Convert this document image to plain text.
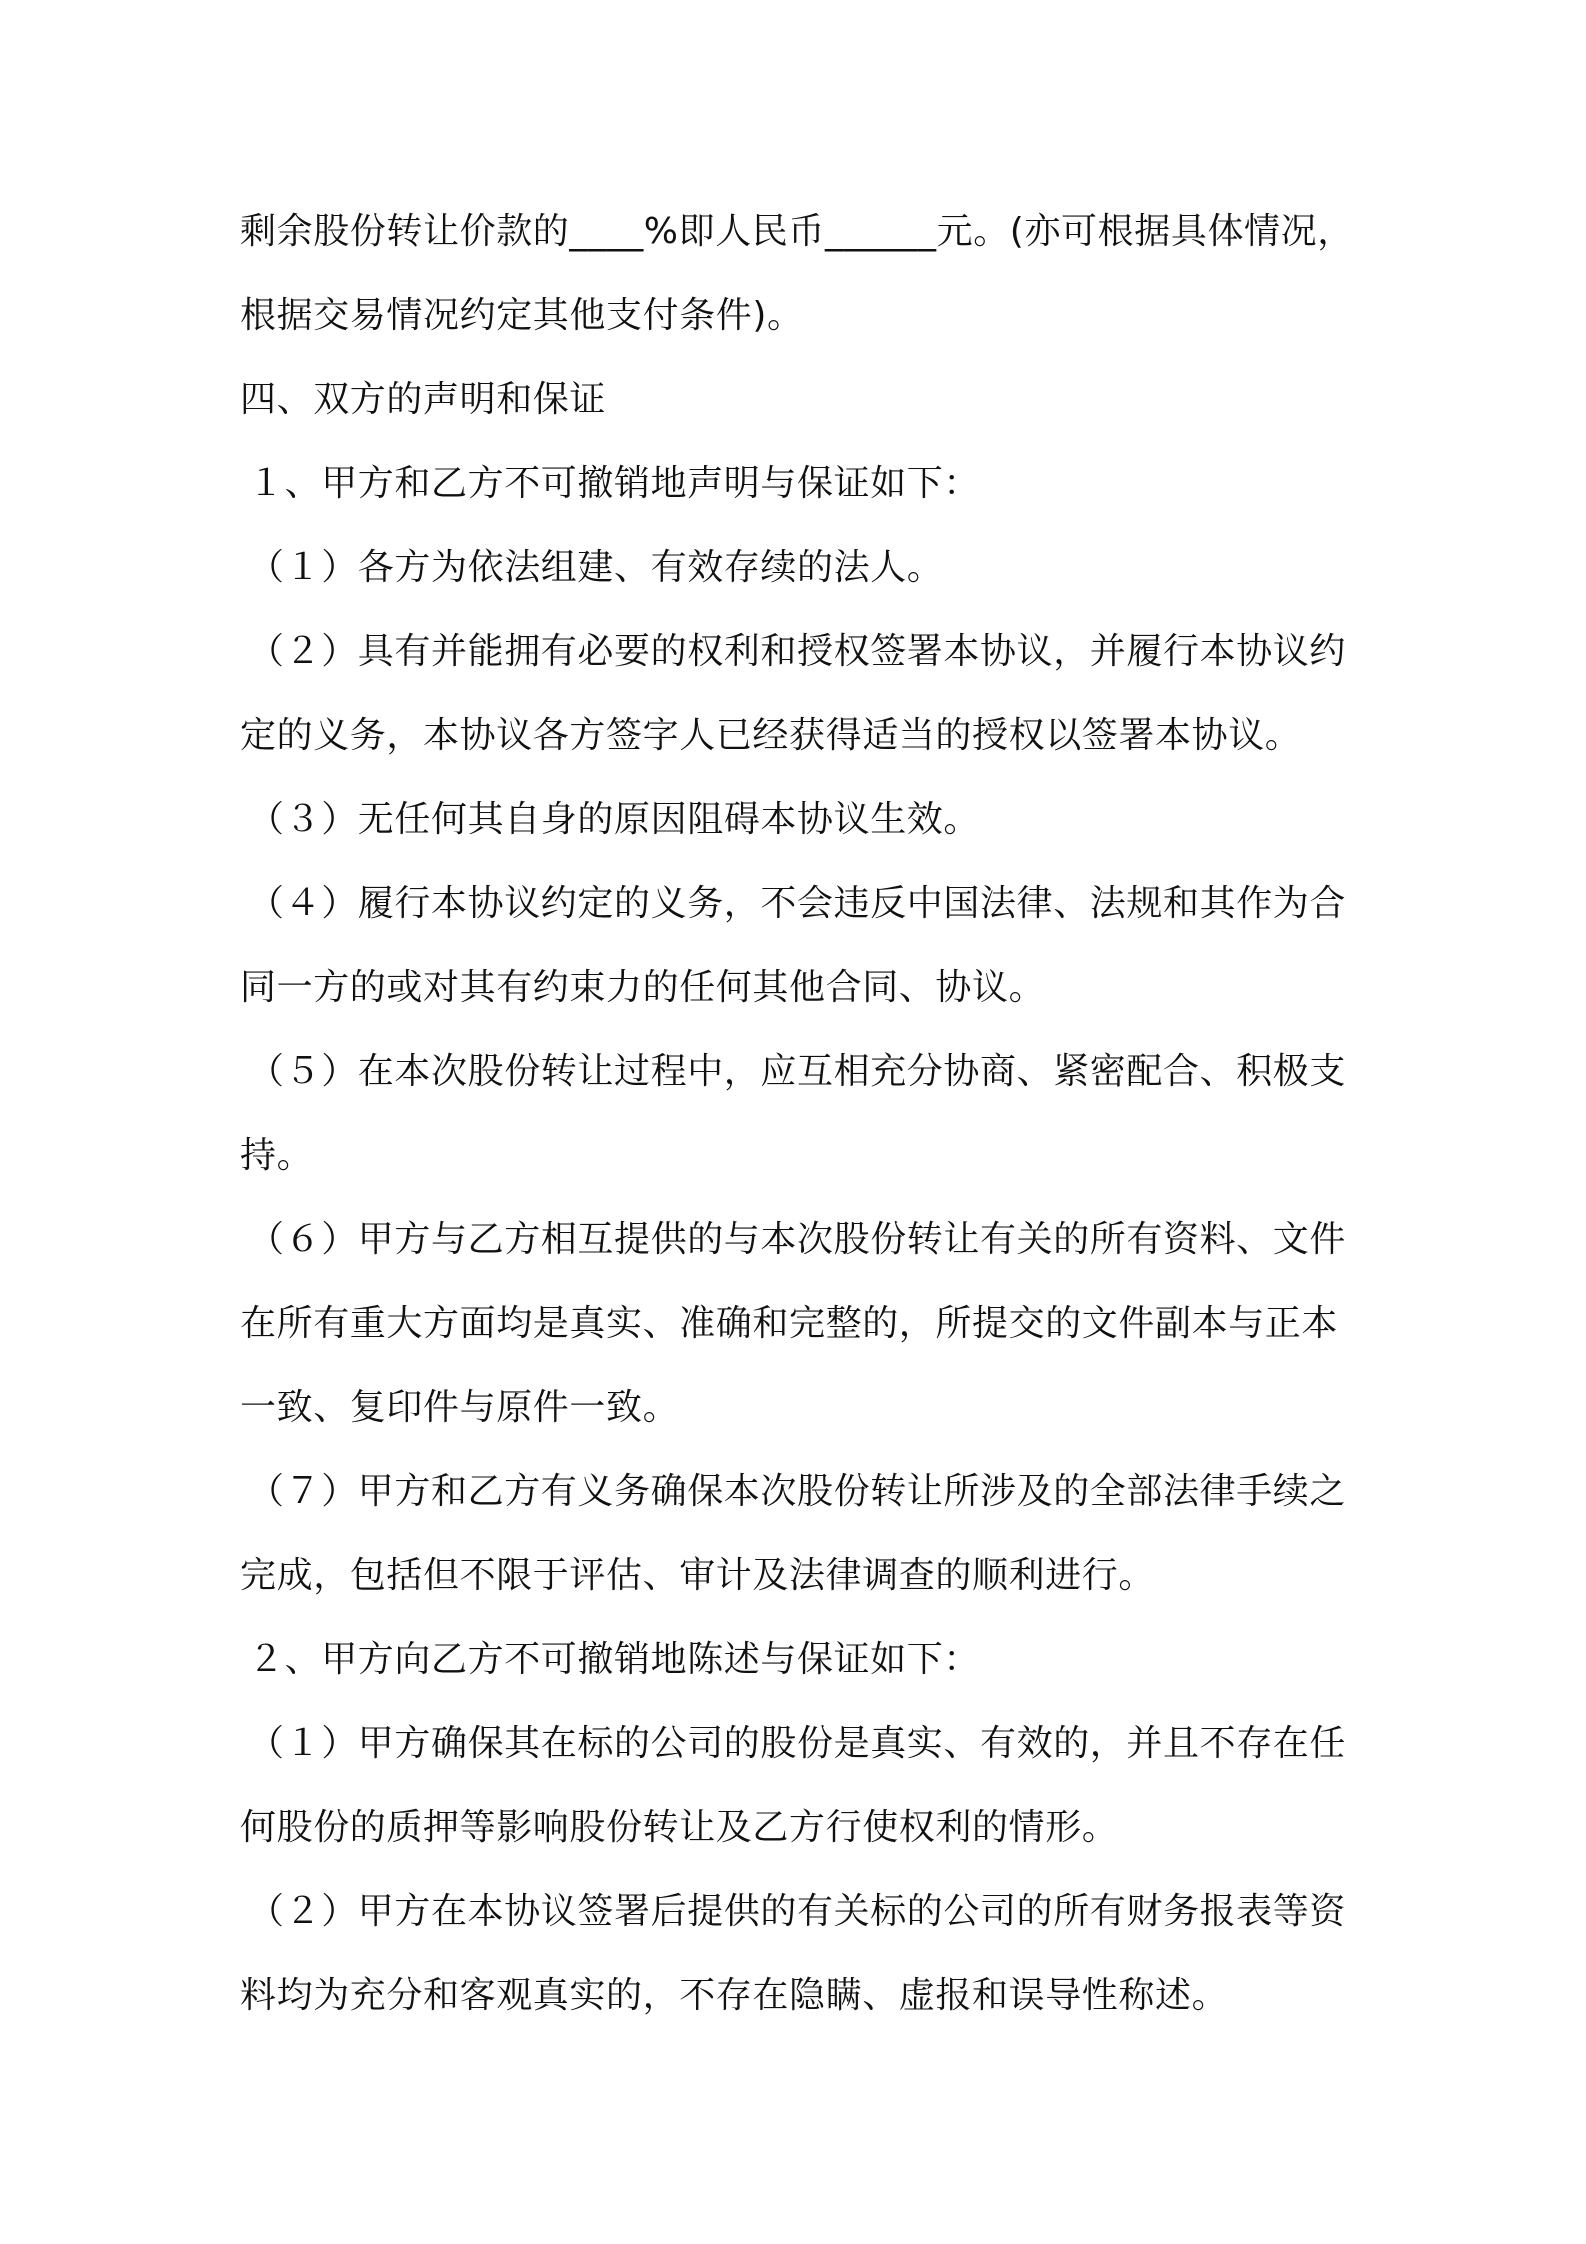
剩余股份转让价款的____%即人民币______元。(亦可根据具体情况，
根据交易情况约定其他支付条件)。
四、双方的声明和保证
１、甲方和乙方不可撤销地声明与保证如下：
（１）各方为依法组建、有效存续的法人。
（２）具有并能拥有必要的权利和授权签署本协议，并履行本协议约
定的义务，本协议各方签字人已经获得适当的授权以签署本协议。
（３）无任何其自身的原因阻碍本协议生效。
（４）履行本协议约定的义务，不会违反中国法律、法规和其作为合
同一方的或对其有约束力的任何其他合同、协议。
（５）在本次股份转让过程中，应互相充分协商、紧密配合、积极支
持。
（６）甲方与乙方相互提供的与本次股份转让有关的所有资料、文件
在所有重大方面均是真实、准确和完整的，所提交的文件副本与正本
一致、复印件与原件一致。
（７）甲方和乙方有义务确保本次股份转让所涉及的全部法律手续之
完成，包括但不限于评估、审计及法律调查的顺利进行。
２、甲方向乙方不可撤销地陈述与保证如下：
（１）甲方确保其在标的公司的股份是真实、有效的，并且不存在任
何股份的质押等影响股份转让及乙方行使权利的情形。
（２）甲方在本协议签署后提供的有关标的公司的所有财务报表等资
料均为充分和客观真实的，不存在隐瞒、虚报和误导性称述。
